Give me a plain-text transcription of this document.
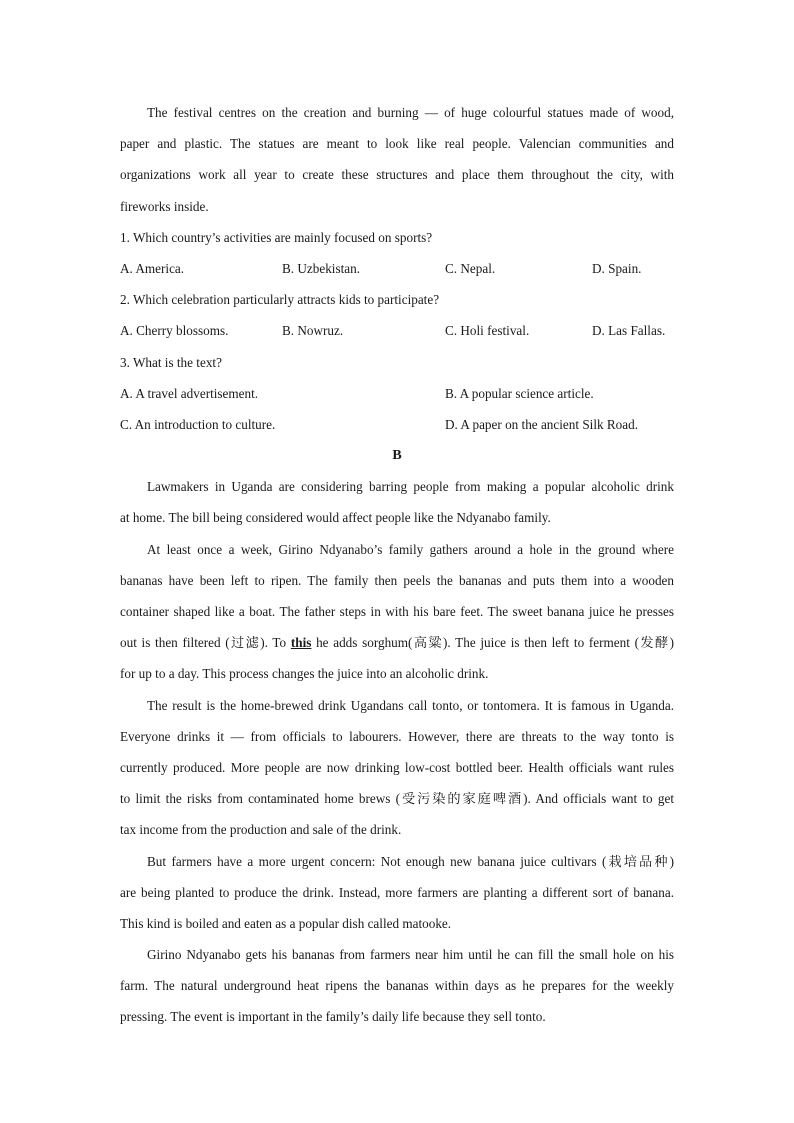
The festival centres on the creation and burning — of huge colourful statues made of wood,
paper and plastic. The statues are meant to look like real people. Valencian communities and
organizations work all year to create these structures and place them throughout the city, with
fireworks inside.
1. Which country’s activities are mainly focused on sports?
A. America.	B. Uzbekistan.	C. Nepal.	D. Spain.
2. Which celebration particularly attracts kids to participate?
A. Cherry blossoms.	B. Nowruz.	C. Holi festival.	D. Las Fallas.
3. What is the text?
A. A travel advertisement.	B. A popular science article.
C. An introduction to culture.	D. A paper on the ancient Silk Road.
B
Lawmakers in Uganda are considering barring people from making a popular alcoholic drink
at home. The bill being considered would affect people like the Ndyanabo family.
At least once a week, Girino Ndyanabo’s family gathers around a hole in the ground where
bananas have been left to ripen. The family then peels the bananas and puts them into a wooden
container shaped like a boat. The father steps in with his bare feet. The sweet banana juice he presses
out is then filtered (过滤). To this he adds sorghum(高粱). The juice is then left to ferment (发酵)
for up to a day. This process changes the juice into an alcoholic drink.
The result is the home-brewed drink Ugandans call tonto, or tontomera. It is famous in Uganda.
Everyone drinks it — from officials to labourers. However, there are threats to the way tonto is
currently produced. More people are now drinking low-cost bottled beer. Health officials want rules
to limit the risks from contaminated home brews (受污染的家庭啤酒). And officials want to get
tax income from the production and sale of the drink.
But farmers have a more urgent concern: Not enough new banana juice cultivars (栽培品种)
are being planted to produce the drink. Instead, more farmers are planting a different sort of banana.
This kind is boiled and eaten as a popular dish called matooke.
Girino Ndyanabo gets his bananas from farmers near him until he can fill the small hole on his
farm. The natural underground heat ripens the bananas within days as he prepares for the weekly
pressing. The event is important in the family’s daily life because they sell tonto.
